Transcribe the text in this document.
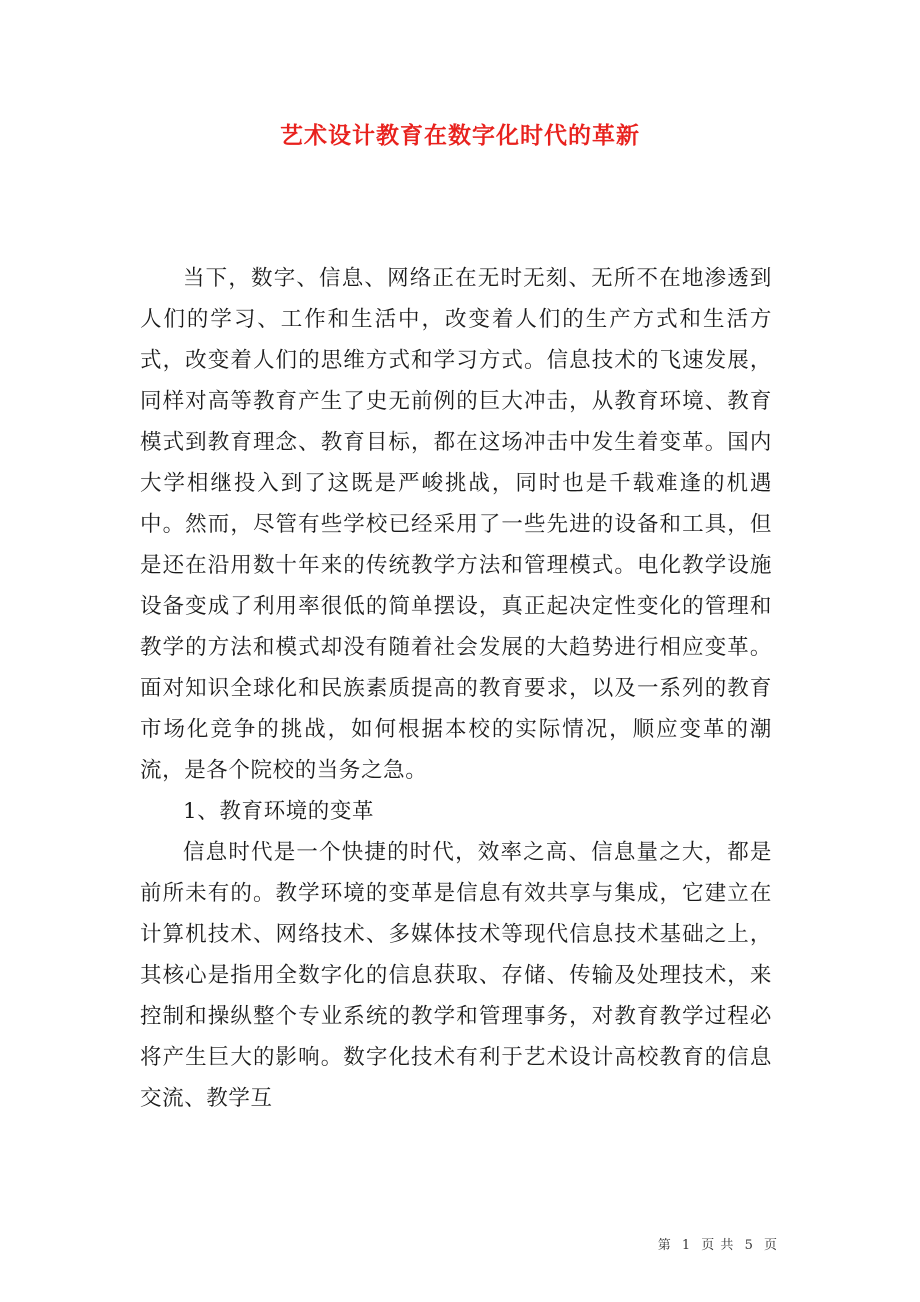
艺术设计教育在数字化时代的革新

当下，数字、信息、网络正在无时无刻、无所不在地渗透到人们的学习、工作和生活中，改变着人们的生产方式和生活方式，改变着人们的思维方式和学习方式。信息技术的飞速发展，同样对高等教育产生了史无前例的巨大冲击，从教育环境、教育模式到教育理念、教育目标，都在这场冲击中发生着变革。国内大学相继投入到了这既是严峻挑战，同时也是千载难逢的机遇中。然而，尽管有些学校已经采用了一些先进的设备和工具，但是还在沿用数十年来的传统教学方法和管理模式。电化教学设施设备变成了利用率很低的简单摆设，真正起决定性变化的管理和教学的方法和模式却没有随着社会发展的大趋势进行相应变革。面对知识全球化和民族素质提高的教育要求，以及一系列的教育市场化竞争的挑战，如何根据本校的实际情况，顺应变革的潮流，是各个院校的当务之急。

1、教育环境的变革

信息时代是一个快捷的时代，效率之高、信息量之大，都是前所未有的。教学环境的变革是信息有效共享与集成，它建立在计算机技术、网络技术、多媒体技术等现代信息技术基础之上，其核心是指用全数字化的信息获取、存储、传输及处理技术，来控制和操纵整个专业系统的教学和管理事务，对教育教学过程必将产生巨大的影响。数字化技术有利于艺术设计高校教育的信息交流、教学互

第 1 页 共 5 页
